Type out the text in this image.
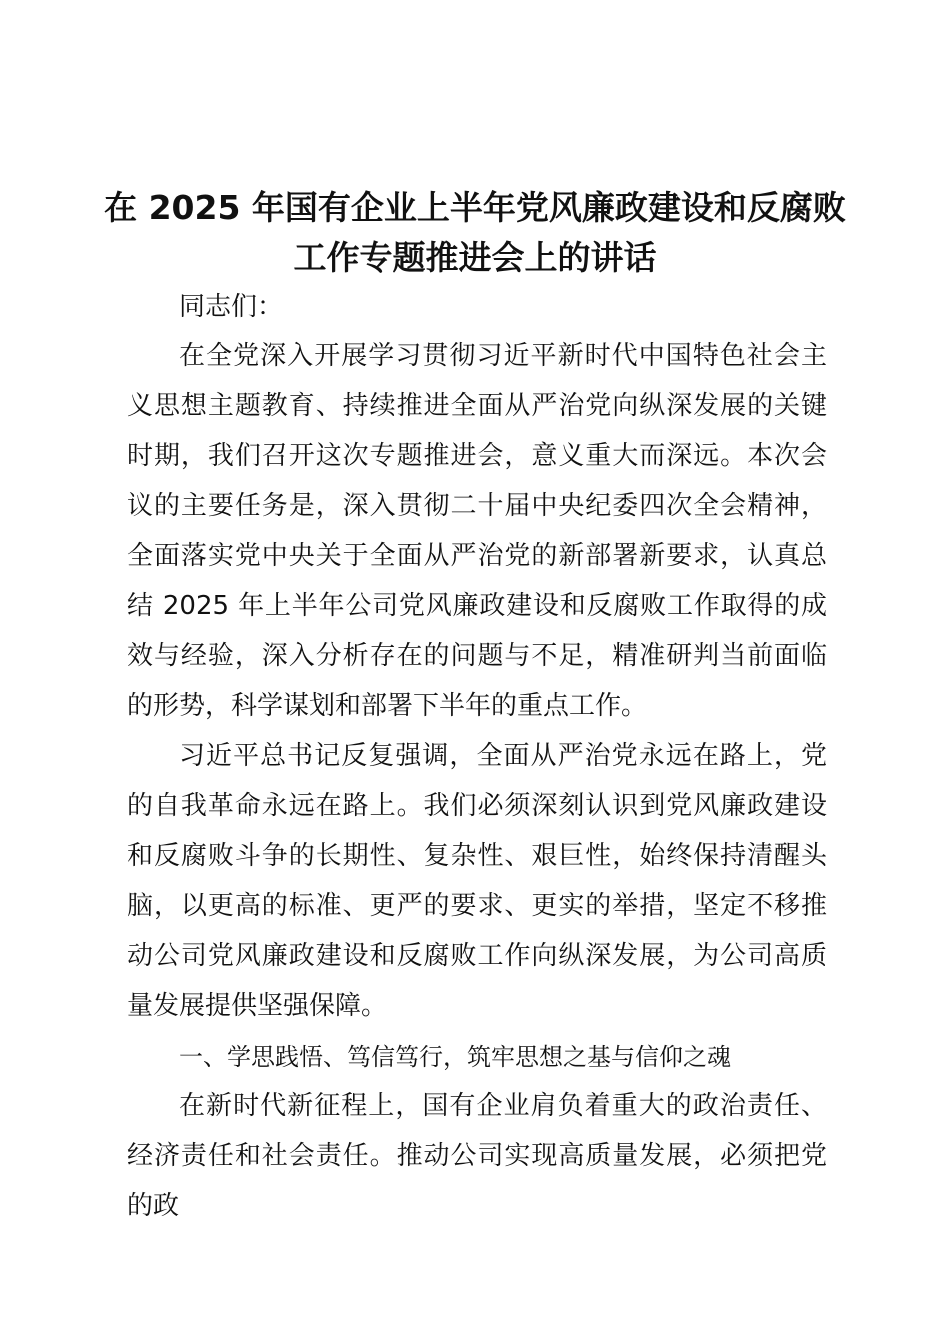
在 2025 年国有企业上半年党风廉政建设和反腐败工作专题推进会上的讲话

同志们：

在全党深入开展学习贯彻习近平新时代中国特色社会主义思想主题教育、持续推进全面从严治党向纵深发展的关键时期，我们召开这次专题推进会，意义重大而深远。本次会议的主要任务是，深入贯彻二十届中央纪委四次全会精神，全面落实党中央关于全面从严治党的新部署新要求，认真总结 2025 年上半年公司党风廉政建设和反腐败工作取得的成效与经验，深入分析存在的问题与不足，精准研判当前面临的形势，科学谋划和部署下半年的重点工作。

习近平总书记反复强调，全面从严治党永远在路上，党的自我革命永远在路上。我们必须深刻认识到党风廉政建设和反腐败斗争的长期性、复杂性、艰巨性，始终保持清醒头脑，以更高的标准、更严的要求、更实的举措，坚定不移推动公司党风廉政建设和反腐败工作向纵深发展，为公司高质量发展提供坚强保障。

一、学思践悟、笃信笃行，筑牢思想之基与信仰之魂

在新时代新征程上，国有企业肩负着重大的政治责任、经济责任和社会责任。推动公司实现高质量发展，必须把党的政
